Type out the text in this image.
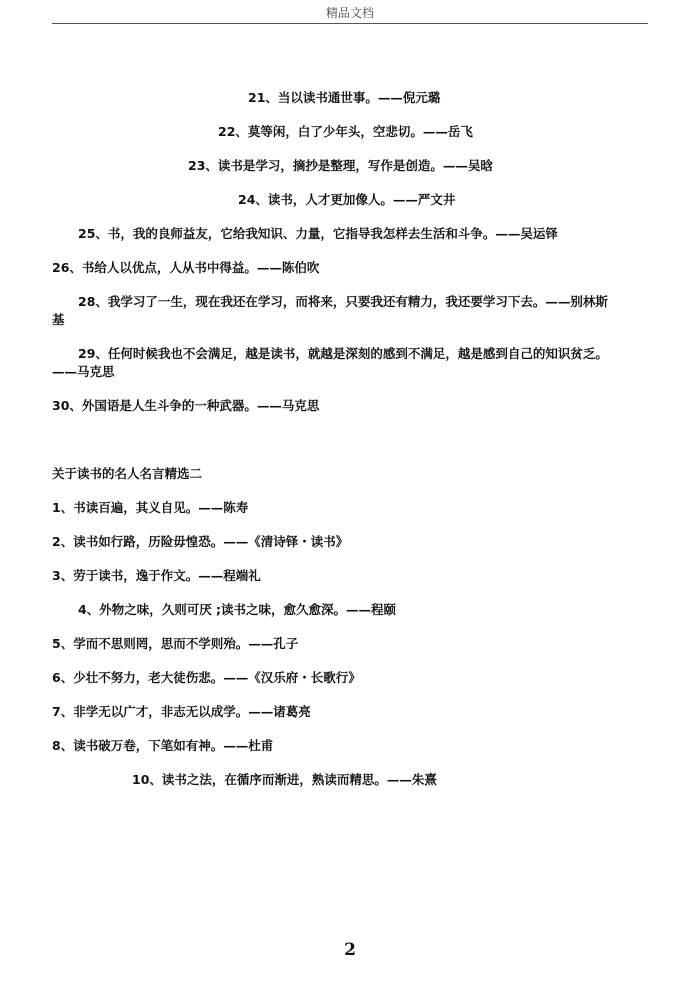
精品文档
21、当以读书通世事。——倪元璐
22、莫等闲，白了少年头，空悲切。——岳飞
23、读书是学习，摘抄是整理，写作是创造。——吴晗
24、读书，人才更加像人。——严文井
25、书，我的良师益友，它给我知识、力量，它指导我怎样去生活和斗争。——吴运铎
26、书给人以优点，人从书中得益。——陈伯吹
28、我学习了一生，现在我还在学习，而将来，只要我还有精力，我还要学习下去。——别林斯
基
29、任何时候我也不会满足，越是读书，就越是深刻的感到不满足，越是感到自己的知识贫乏。
——马克思
30、外国语是人生斗争的一种武器。——马克思
关于读书的名人名言精选二
1、书读百遍，其义自见。——陈寿
2、读书如行路，历险毋惶恐。——《清诗铎・读书》
3、劳于读书，逸于作文。——程端礼
4、外物之味，久则可厌 ;读书之味，愈久愈深。——程颐
5、学而不思则罔，思而不学则殆。——孔子
6、少壮不努力，老大徒伤悲。——《汉乐府・长歌行》
7、非学无以广才，非志无以成学。——诸葛亮
8、读书破万卷，下笔如有神。——杜甫
10、读书之法，在循序而渐进，熟读而精思。——朱熹
2
